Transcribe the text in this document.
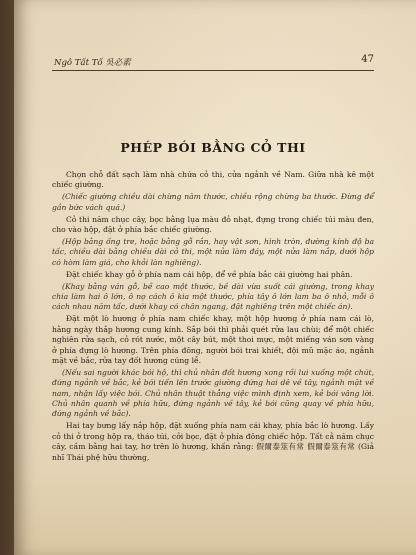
Ngô Tất Tố 吳必素	47
PHÉP BÓI BẰNG CỎ THI

Chọn chỗ đất sạch làm nhà chứa cỏ thi, cửa ngảnh về Nam. Giữa nhà kê một chiếc giường.

(Chiếc giường chiều dài chừng năm thước, chiều rộng chừng ba thước. Đừng để gần bức vách quá.)

Cỏ thi năm chục cây, bọc bằng lụa màu đỏ nhạt, đựng trong chiếc túi màu đen, cho vào hộp, đặt ở phía bắc chiếc giường.

(Hộp bằng ống tre, hoặc bằng gỗ rắn, hay vật sơn, hình tròn, đường kính độ ba tấc, chiều dài bằng chiều dài cỏ thi, một nửa làm đáy, một nửa làm nắp, dưới hộp có hòm làm giá, cho khỏi làn nghiêng).

Đặt chiếc khay gỗ ở phía nam cái hộp, để về phía bắc cái giường hai phân.

(Khay bằng ván gỗ, bề cao một thước, bề dài vừa suốt cái giường, trong khay chia làm hai ô lớn, ô nọ cách ô kia một thước, phía tây ô lớn lam ba ô nhỏ, mỗi ô cách nhau năm tấc, dưới khay có chân ngang, đặt nghiêng trên một chiếc án).

Đặt một lò hương ở phía nam chiếc khay, một hộp hương ở phía nam cái lò, hằng ngày thắp hương cung kính. Sắp bói thì phải quét rửa lau chùi; để một chiếc nghiên rửa sạch, cỏ rót nước, một cây bút, một thoi mực, một miếng ván sơn vàng ở phía đựng lò hương. Trên phía đông, người bói trai khiết, đội mũ mặc áo, ngảnh mặt về bắc, rửa tay đốt hương cúng lễ.

(Nếu sai người khác bói hộ, thì chủ nhân đốt hương xong rồi lui xuống một chút, đứng ngảnh về bắc, kẻ bói tiến lên trước giường đứng hai dê về tây, ngảnh mặt về nam, nhận lấy việc bói. Chủ nhân thuật thẳng việc mình định xem, kẻ bói vâng lời. Chủ nhân quanh về phía hữu, đứng ngảnh về tây, kẻ bói cũng quay về phía hữu, đứng ngảnh về bắc).

Hai tay bưng lấy nắp hộp, đặt xuống phía nam cái khay, phía bắc lò hương. Lấy cỏ thi ở trong hộp ra, tháo túi, cởi bọc, đặt ở phía đông chiếc hộp. Tất cả năm chục cây, cầm bằng hai tay, hơ trên lò hương, khấn rằng: 假爾泰筮有常 假爾泰筮有常 (Giả nhĩ Thái phệ hữu thường,
